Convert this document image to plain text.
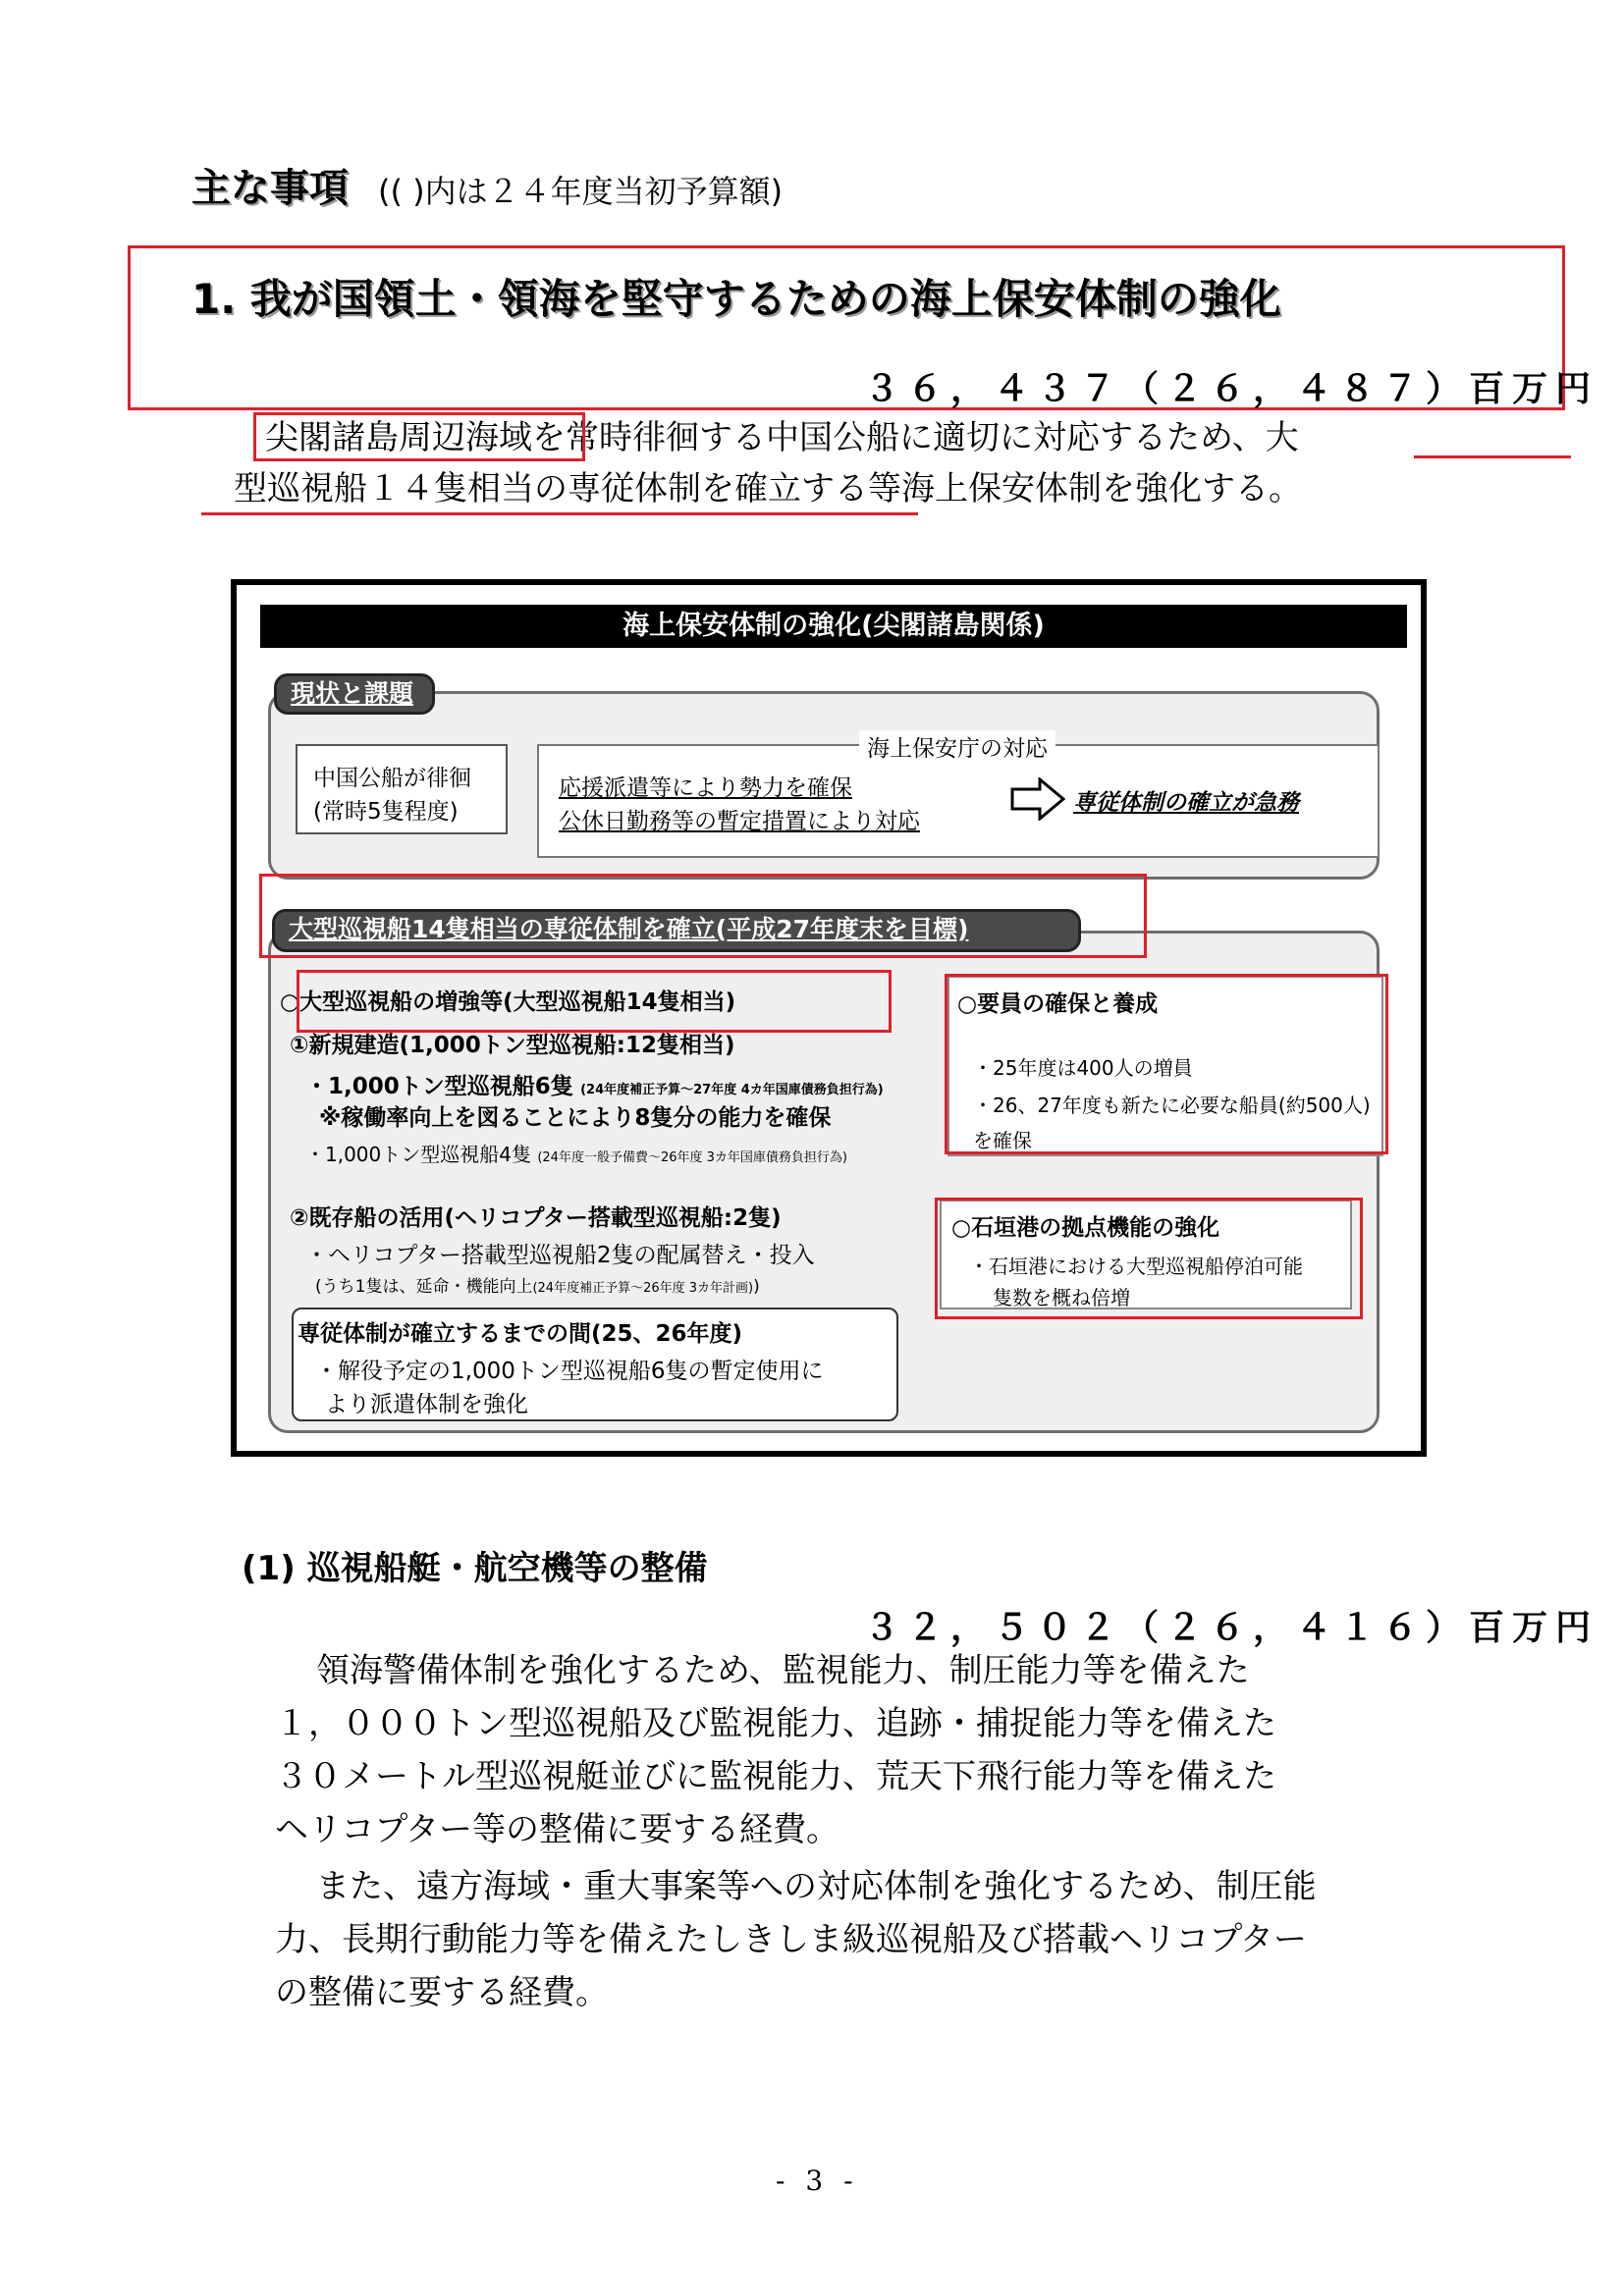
主な事項 (( )内は２４年度当初予算額)
1. 我が国領土・領海を堅守するための海上保安体制の強化
３６，４３７（２６，４８７）百万円
尖閣諸島周辺海域を常時徘徊する中国公船に適切に対応するため、大
型巡視船１４隻相当の専従体制を確立する等海上保安体制を強化する。
海上保安体制の強化(尖閣諸島関係)
現状と課題
中国公船が徘徊
(常時5隻程度)
海上保安庁の対応
応援派遣等により勢力を確保
公休日勤務等の暫定措置により対応
専従体制の確立が急務
大型巡視船14隻相当の専従体制を確立(平成27年度末を目標)
○大型巡視船の増強等(大型巡視船14隻相当)
①新規建造(1,000トン型巡視船:12隻相当)
・1,000トン型巡視船6隻 (24年度補正予算～27年度 4カ年国庫債務負担行為)
※稼働率向上を図ることにより8隻分の能力を確保
・1,000トン型巡視船4隻 (24年度一般予備費～26年度 3カ年国庫債務負担行為)
②既存船の活用(ヘリコプター搭載型巡視船:2隻)
・ヘリコプター搭載型巡視船2隻の配属替え・投入
(うち1隻は、延命・機能向上(24年度補正予算～26年度 3カ年計画))
専従体制が確立するまでの間(25、26年度)
・解役予定の1,000トン型巡視船6隻の暫定使用に
より派遣体制を強化
○要員の確保と養成
・25年度は400人の増員
・26、27年度も新たに必要な船員(約500人)
を確保
○石垣港の拠点機能の強化
・石垣港における大型巡視船停泊可能
隻数を概ね倍増
(1) 巡視船艇・航空機等の整備
３２，５０２（２６，４１６）百万円
領海警備体制を強化するため、監視能力、制圧能力等を備えた
１，０００トン型巡視船及び監視能力、追跡・捕捉能力等を備えた
３０メートル型巡視艇並びに監視能力、荒天下飛行能力等を備えた
ヘリコプター等の整備に要する経費。
また、遠方海域・重大事案等への対応体制を強化するため、制圧能
力、長期行動能力等を備えたしきしま級巡視船及び搭載ヘリコプター
の整備に要する経費。
- 3 -
